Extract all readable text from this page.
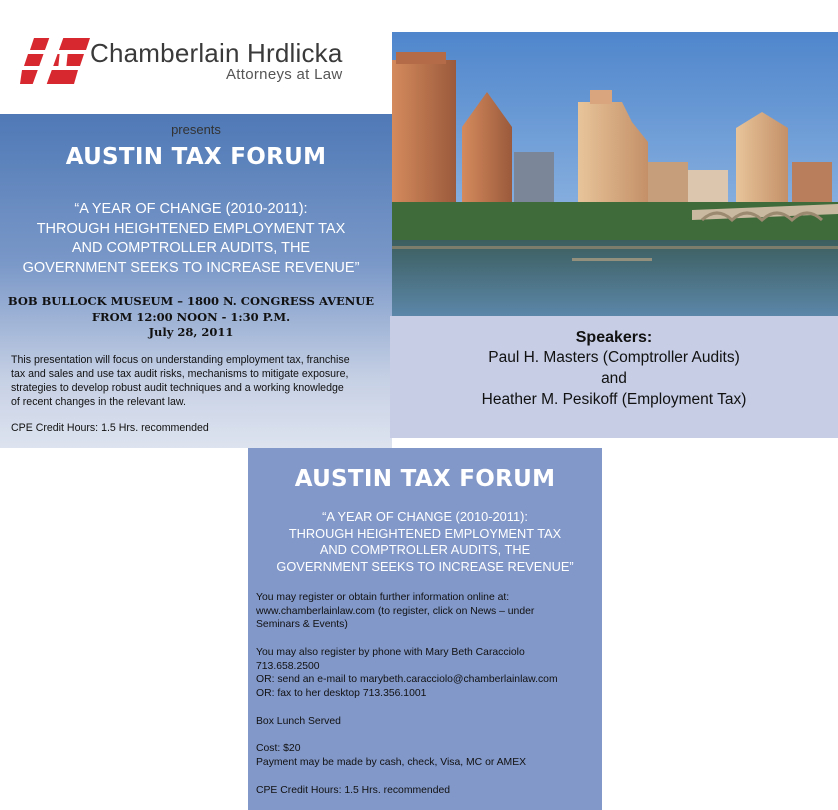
Chamberlain Hrdlicka
Attorneys at Law
presents
AUSTIN TAX FORUM
“A YEAR OF CHANGE (2010-2011):
THROUGH HEIGHTENED EMPLOYMENT TAX
AND COMPTROLLER AUDITS, THE
GOVERNMENT SEEKS TO INCREASE REVENUE”
BOB BULLOCK MUSEUM – 1800 N. CONGRESS AVENUE
FROM 12:00 NOON - 1:30 P.M.
July 28, 2011
This presentation will focus on understanding employment tax, franchise
tax and sales and use tax audit risks, mechanisms to mitigate exposure,
strategies to develop robust audit techniques and a working knowledge
of recent changes in the relevant law.
CPE Credit Hours: 1.5 Hrs. recommended
Speakers:
Paul H. Masters (Comptroller Audits)
and
Heather M. Pesikoff (Employment Tax)
AUSTIN TAX FORUM
“A YEAR OF CHANGE (2010-2011):
THROUGH HEIGHTENED EMPLOYMENT TAX
AND COMPTROLLER AUDITS, THE
GOVERNMENT SEEKS TO INCREASE REVENUE”
You may register or obtain further information online at:
www.chamberlainlaw.com (to register, click on News – under
Seminars & Events)
You may also register by phone with Mary Beth Caracciolo
713.658.2500
OR: send an e-mail to marybeth.caracciolo@chamberlainlaw.com
OR: fax to her desktop 713.356.1001
Box Lunch Served
Cost: $20
Payment may be made by cash, check, Visa, MC or AMEX
CPE Credit Hours: 1.5 Hrs. recommended
